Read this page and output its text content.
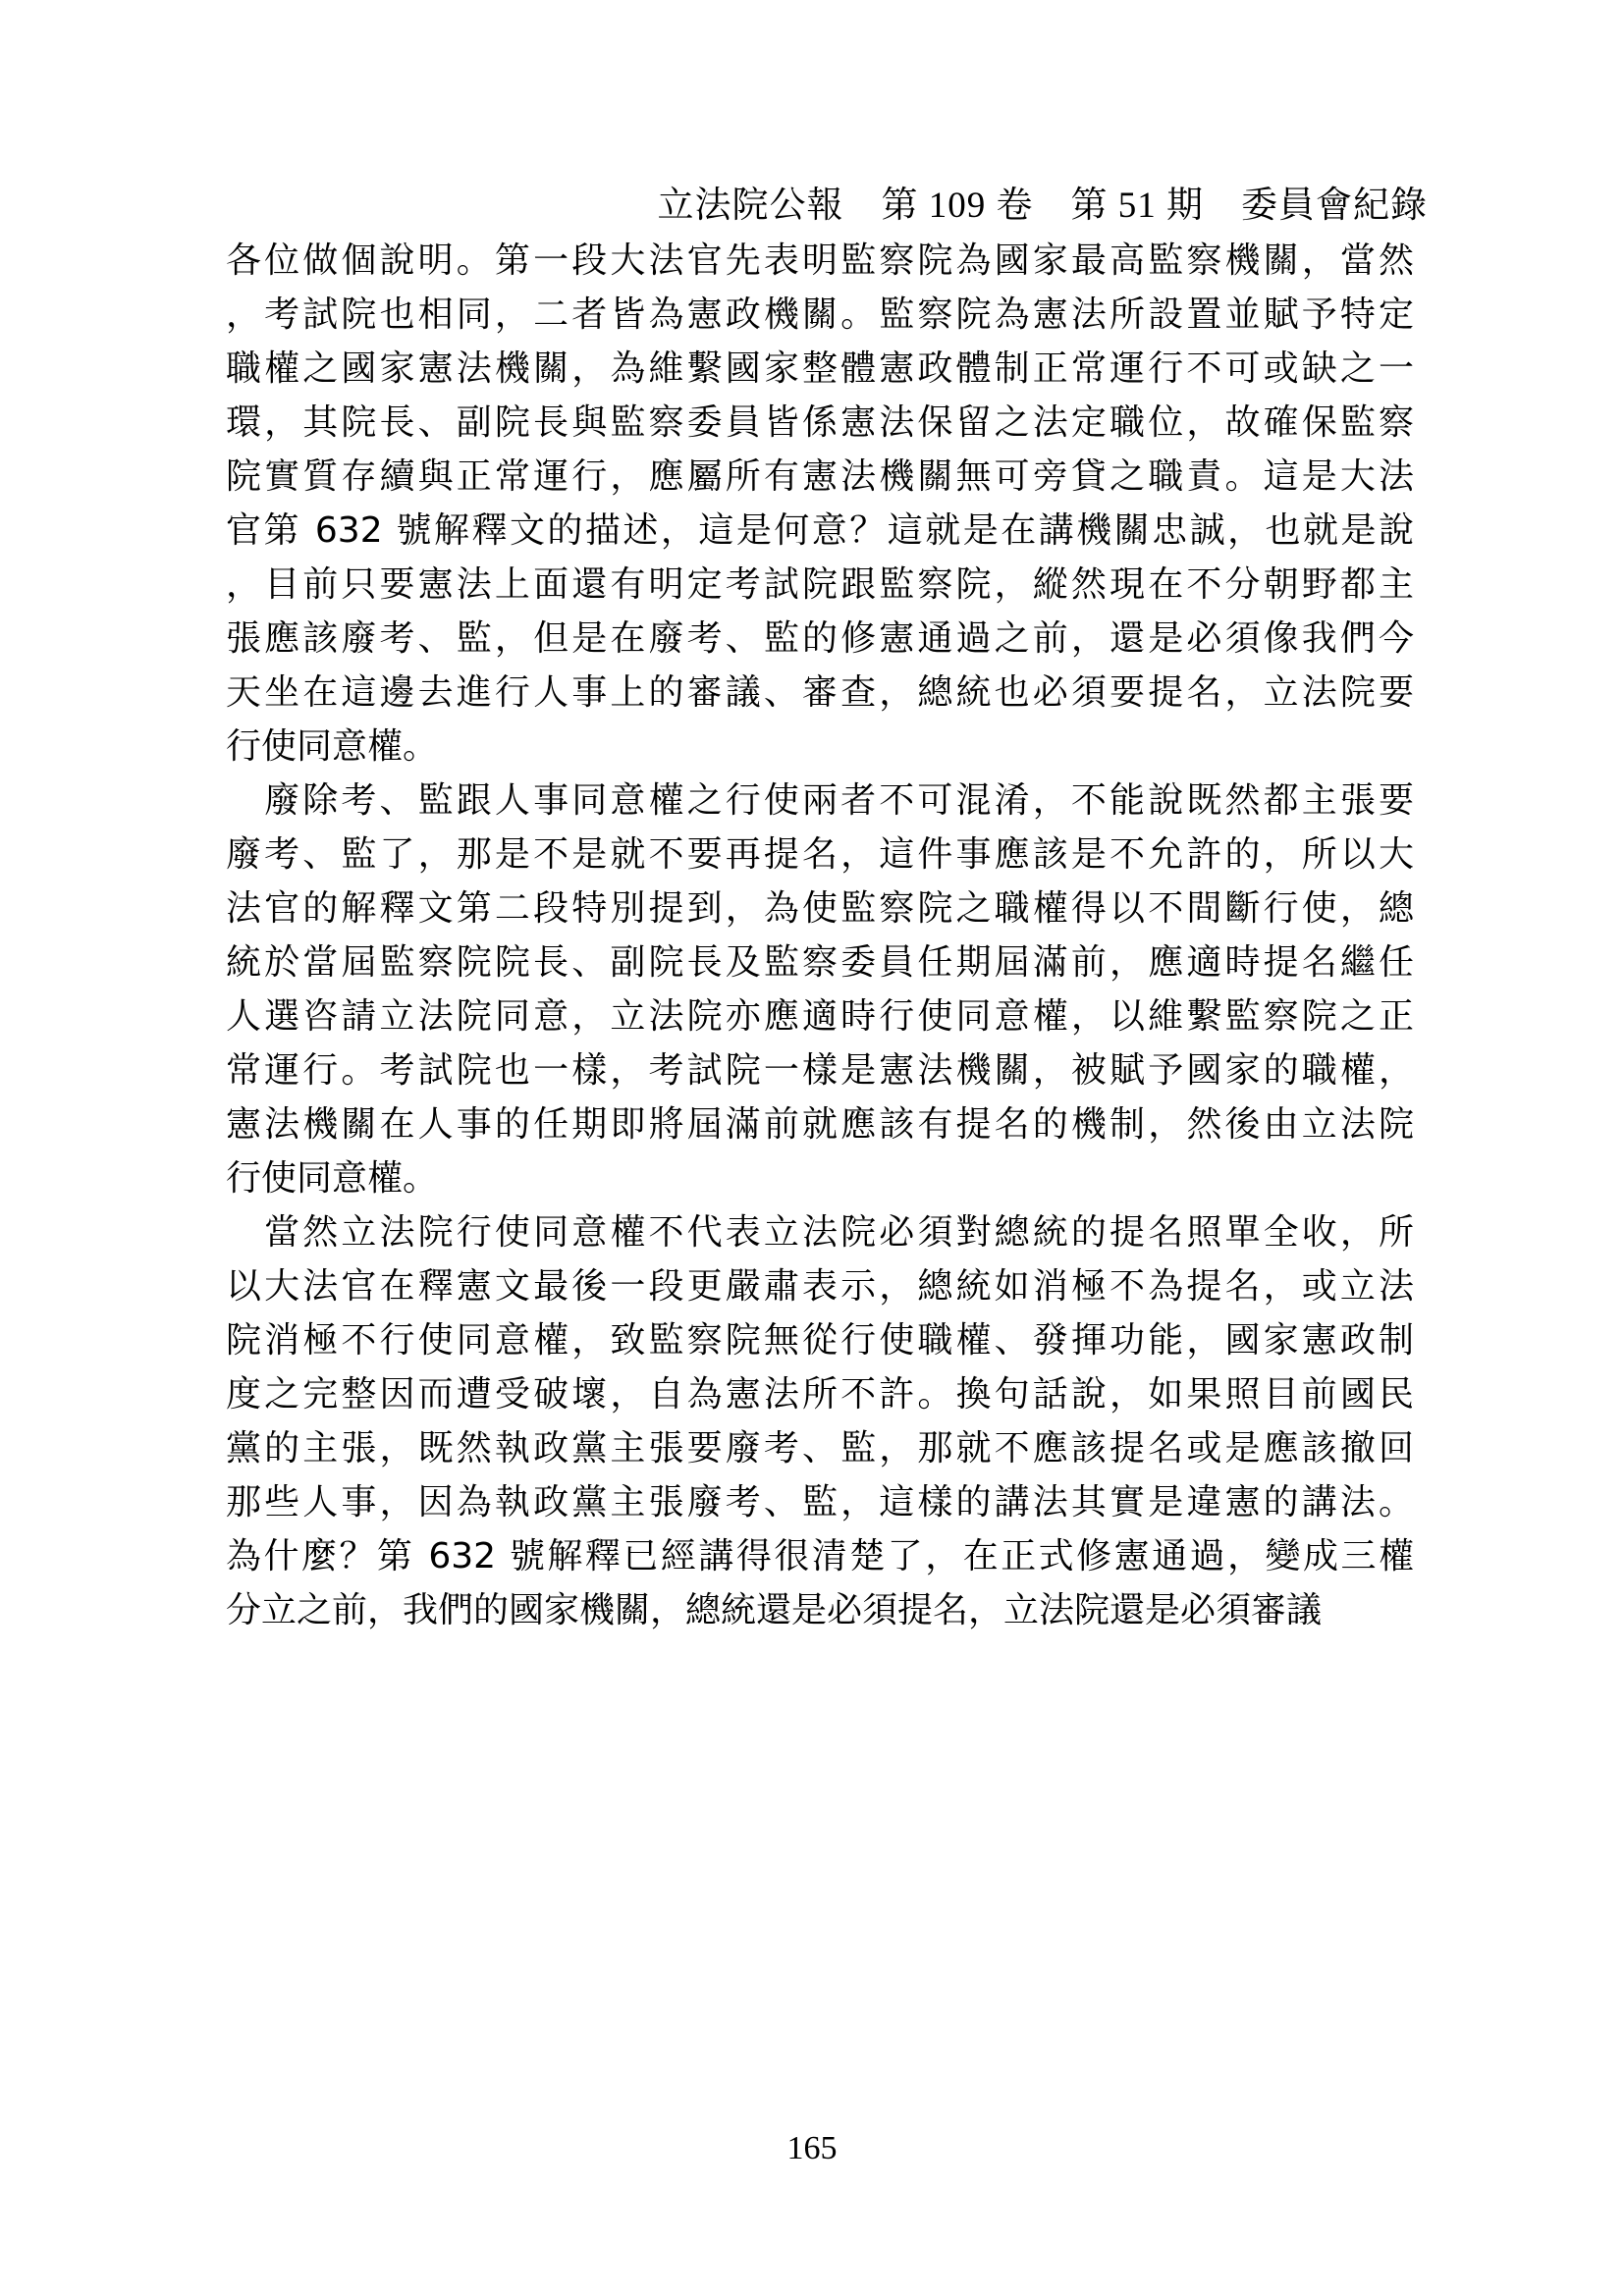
立法院公報　第 109 卷　第 51 期　委員會紀錄
各位做個說明。第一段大法官先表明監察院為國家最高監察機關，當然
，考試院也相同，二者皆為憲政機關。監察院為憲法所設置並賦予特定
職權之國家憲法機關，為維繫國家整體憲政體制正常運行不可或缺之一
環，其院長、副院長與監察委員皆係憲法保留之法定職位，故確保監察
院實質存續與正常運行，應屬所有憲法機關無可旁貸之職責。這是大法
官第 632 號解釋文的描述，這是何意？這就是在講機關忠誠，也就是說
，目前只要憲法上面還有明定考試院跟監察院，縱然現在不分朝野都主
張應該廢考、監，但是在廢考、監的修憲通過之前，還是必須像我們今
天坐在這邊去進行人事上的審議、審查，總統也必須要提名，立法院要
行使同意權。
　廢除考、監跟人事同意權之行使兩者不可混淆，不能說既然都主張要
廢考、監了，那是不是就不要再提名，這件事應該是不允許的，所以大
法官的解釋文第二段特別提到，為使監察院之職權得以不間斷行使，總
統於當屆監察院院長、副院長及監察委員任期屆滿前，應適時提名繼任
人選咨請立法院同意，立法院亦應適時行使同意權，以維繫監察院之正
常運行。考試院也一樣，考試院一樣是憲法機關，被賦予國家的職權，
憲法機關在人事的任期即將屆滿前就應該有提名的機制，然後由立法院
行使同意權。
　當然立法院行使同意權不代表立法院必須對總統的提名照單全收，所
以大法官在釋憲文最後一段更嚴肅表示，總統如消極不為提名，或立法
院消極不行使同意權，致監察院無從行使職權、發揮功能，國家憲政制
度之完整因而遭受破壞，自為憲法所不許。換句話說，如果照目前國民
黨的主張，既然執政黨主張要廢考、監，那就不應該提名或是應該撤回
那些人事，因為執政黨主張廢考、監，這樣的講法其實是違憲的講法。
為什麼？第 632 號解釋已經講得很清楚了，在正式修憲通過，變成三權
分立之前，我們的國家機關，總統還是必須提名，立法院還是必須審議
165
